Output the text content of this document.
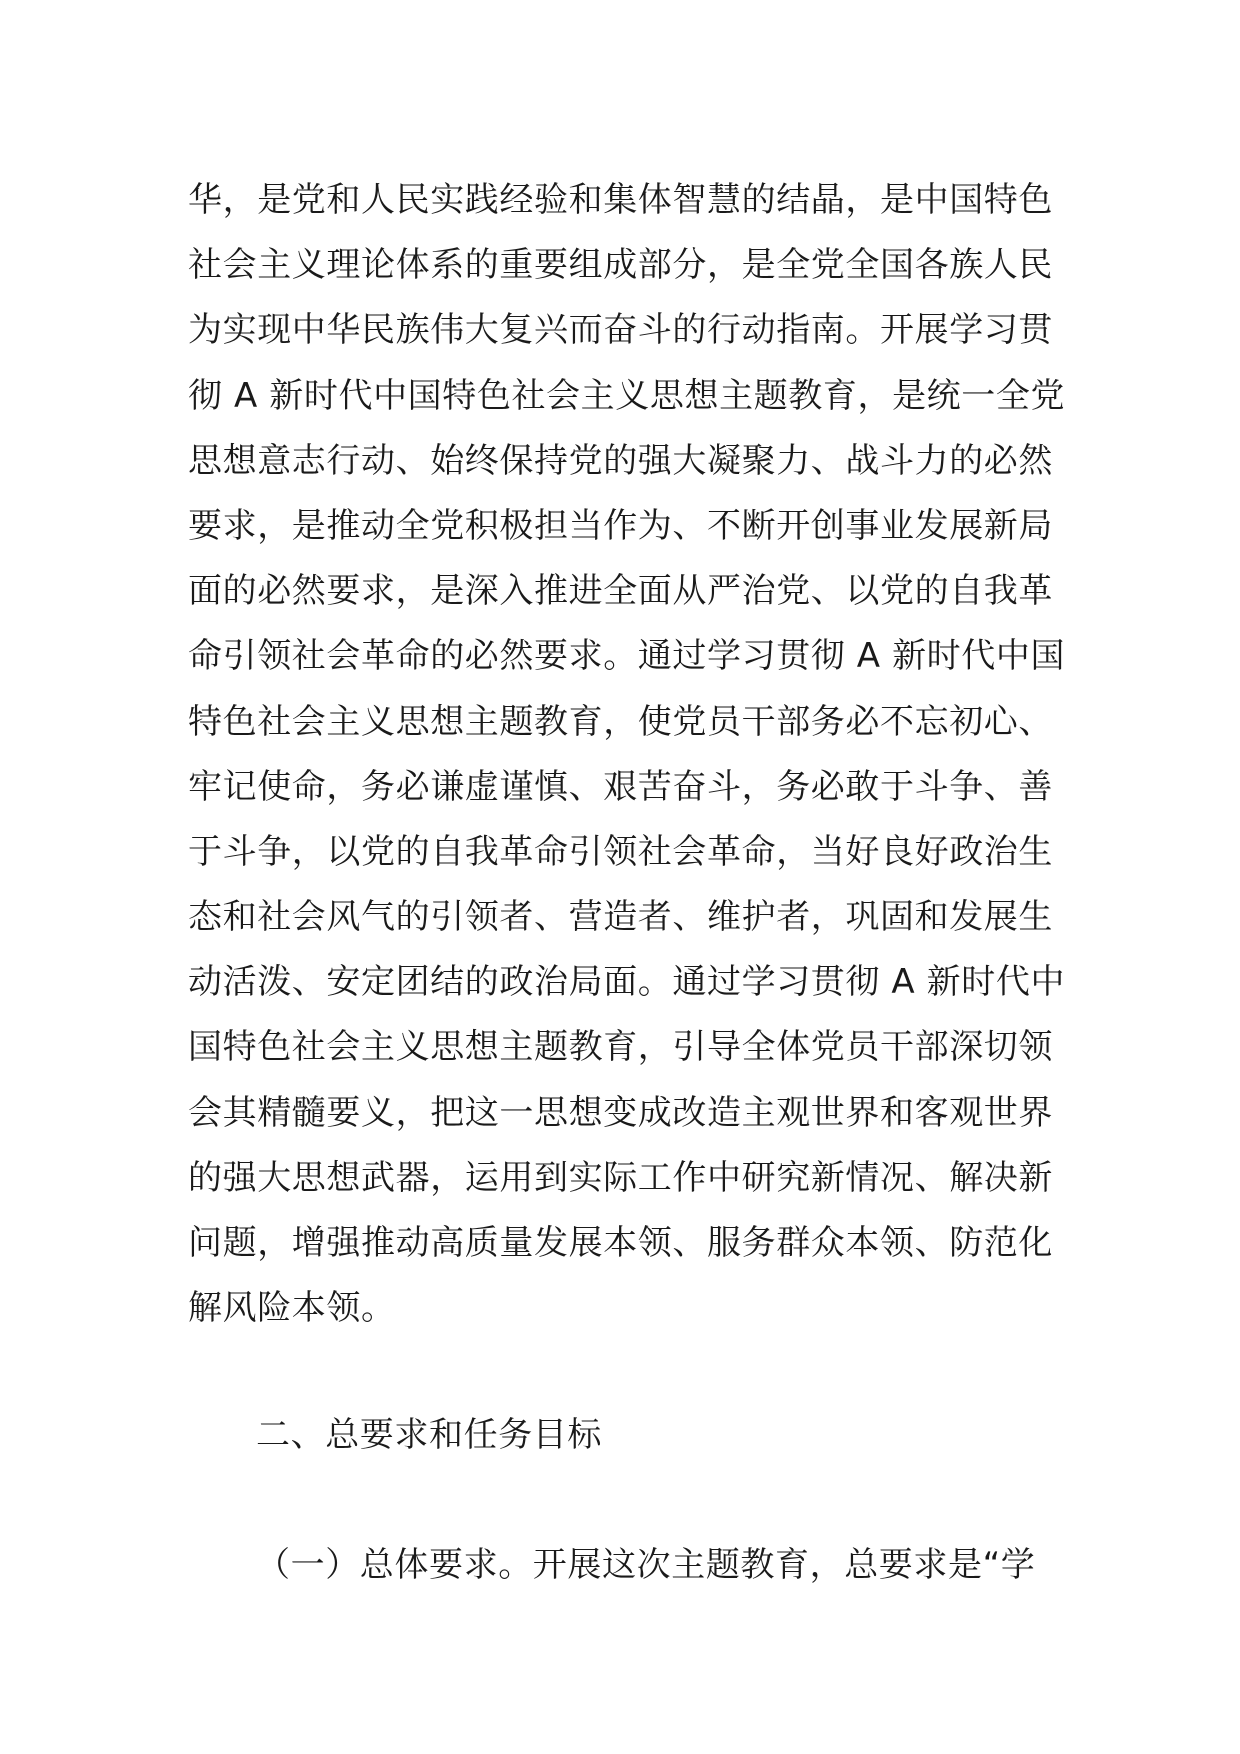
华，是党和人民实践经验和集体智慧的结晶，是中国特色
社会主义理论体系的重要组成部分，是全党全国各族人民
为实现中华民族伟大复兴而奋斗的行动指南。开展学习贯
彻 A 新时代中国特色社会主义思想主题教育，是统一全党
思想意志行动、始终保持党的强大凝聚力、战斗力的必然
要求，是推动全党积极担当作为、不断开创事业发展新局
面的必然要求，是深入推进全面从严治党、以党的自我革
命引领社会革命的必然要求。通过学习贯彻 A 新时代中国
特色社会主义思想主题教育，使党员干部务必不忘初心、
牢记使命，务必谦虚谨慎、艰苦奋斗，务必敢于斗争、善
于斗争，以党的自我革命引领社会革命，当好良好政治生
态和社会风气的引领者、营造者、维护者，巩固和发展生
动活泼、安定团结的政治局面。通过学习贯彻 A 新时代中
国特色社会主义思想主题教育，引导全体党员干部深切领
会其精髓要义，把这一思想变成改造主观世界和客观世界
的强大思想武器，运用到实际工作中研究新情况、解决新
问题，增强推动高质量发展本领、服务群众本领、防范化
解风险本领。
二、总要求和任务目标
（一）总体要求。开展这次主题教育，总要求是“学
